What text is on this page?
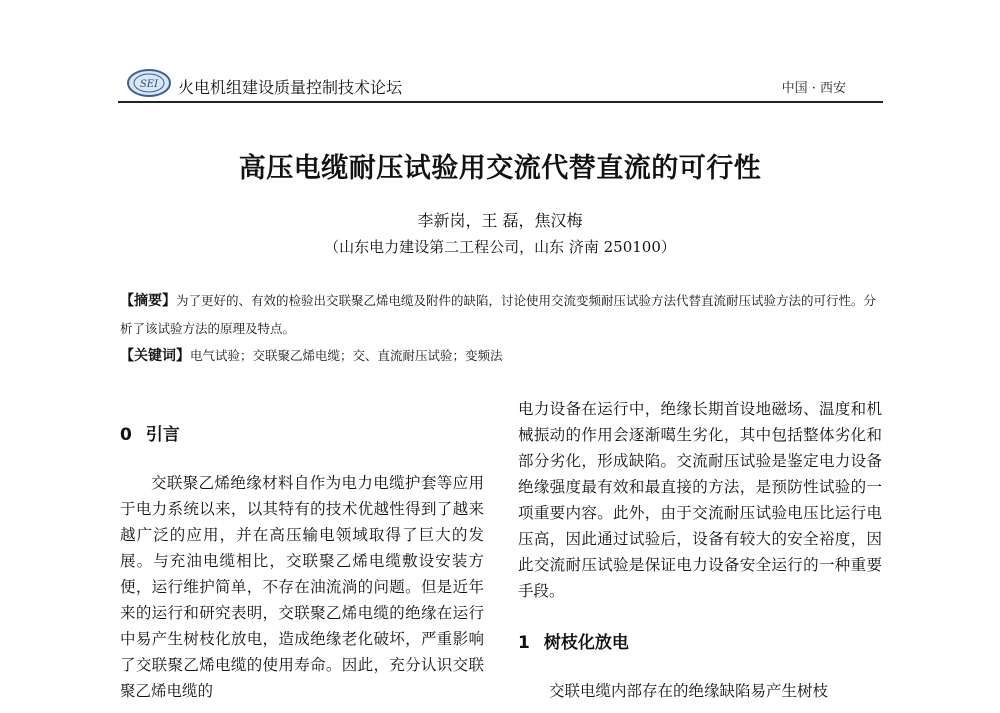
SEI 火电机组建设质量控制技术论坛	中国 · 西安
高压电缆耐压试验用交流代替直流的可行性
李新岗，王 磊，焦汉梅
（山东电力建设第二工程公司，山东 济南 250100）

【摘要】为了更好的、有效的检验出交联聚乙烯电缆及附件的缺陷，讨论使用交流变频耐压试验方法代替直流耐压试验方法的可行性。分析了该试验方法的原理及特点。

【关键词】电气试验；交联聚乙烯电缆；交、直流耐压试验；变频法

0 引言

交联聚乙烯绝缘材料自作为电力电缆护套等应用于电力系统以来，以其特有的技术优越性得到了越来越广泛的应用，并在高压输电领域取得了巨大的发展。与充油电缆相比，交联聚乙烯电缆敷设安装方便，运行维护简单，不存在油流淌的问题。但是近年来的运行和研究表明，交联聚乙烯电缆的绝缘在运行中易产生树枝化放电，造成绝缘老化破坏，严重影响了交联聚乙烯电缆的使用寿命。因此，充分认识交联聚乙烯电缆的

电力设备在运行中，绝缘长期首设地磁场、温度和机械振动的作用会逐渐噶生劣化，其中包括整体劣化和部分劣化，形成缺陷。交流耐压试验是鉴定电力设备绝缘强度最有效和最直接的方法，是预防性试验的一项重要内容。此外，由于交流耐压试验电压比运行电压高，因此通过试验后，设备有较大的安全裕度，因此交流耐压试验是保证电力设备安全运行的一种重要手段。

1 树枝化放电

交联电缆内部存在的绝缘缺陷易产生树枝
